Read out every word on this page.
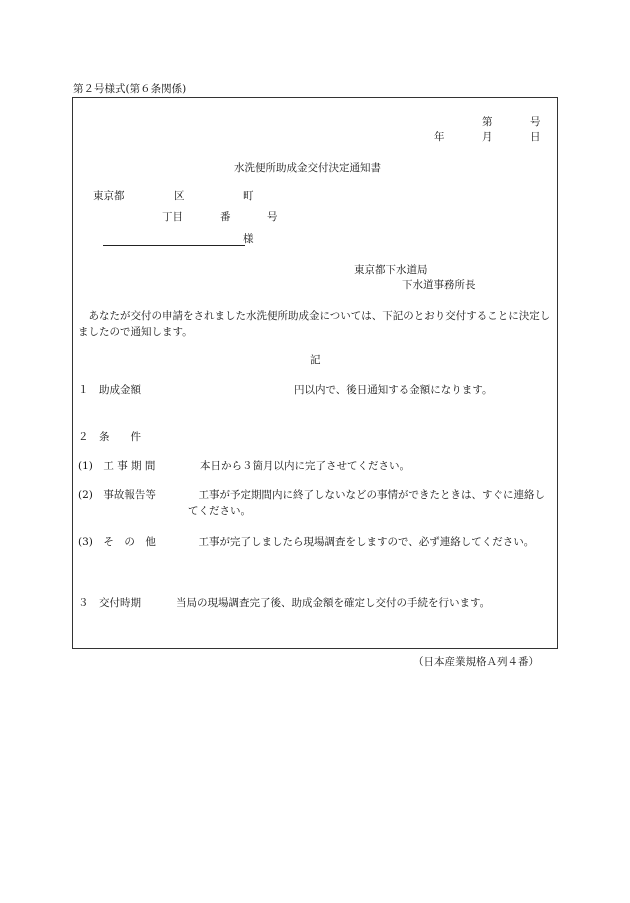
第２号様式(第６条関係)
第	号
年	月	日
水洗便所助成金交付決定通知書
東京都	区	町
丁目	番	号
様
東京都下水道局
下水道事務所長
あなたが交付の申請をされました水洗便所助成金については、下記のとおり交付することに決定しましたので通知します。
記
１　助成金額	円以内で、後日通知する金額になります。
２　条　　件
(1)　工 事 期 間	本日から３箇月以内に完了させてください。
(2)　事故報告等	工事が予定期間内に終了しないなどの事情ができたときは、すぐに連絡してください。
(3)　そ　の　他	工事が完了しましたら現場調査をしますので、必ず連絡してください。
３　交付時期	当局の現場調査完了後、助成金額を確定し交付の手続を行います。
（日本産業規格Ａ列４番）
